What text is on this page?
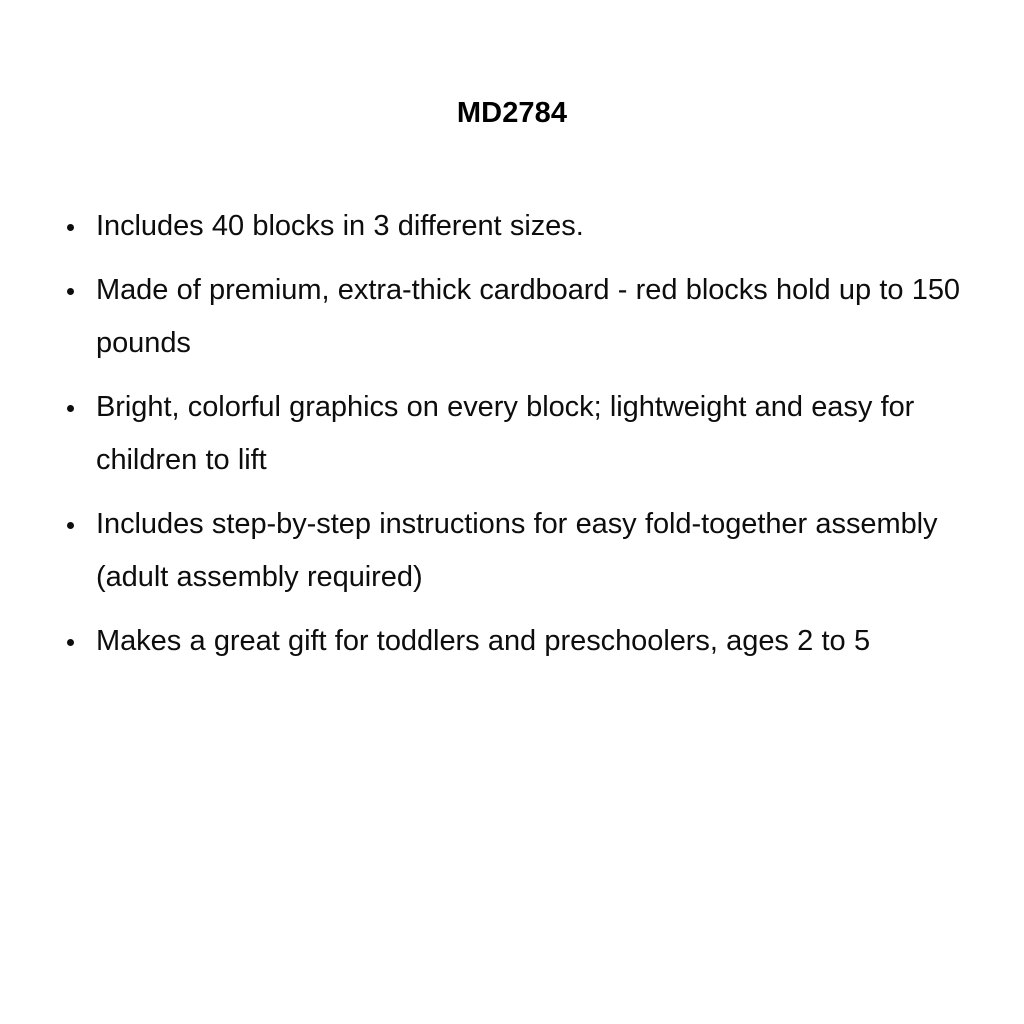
MD2784
Includes 40 blocks in 3 different sizes.
Made of premium, extra-thick cardboard - red blocks hold up to 150 pounds
Bright, colorful graphics on every block; lightweight and easy for children to lift
Includes step-by-step instructions for easy fold-together assembly (adult assembly required)
Makes a great gift for toddlers and preschoolers, ages 2 to 5
